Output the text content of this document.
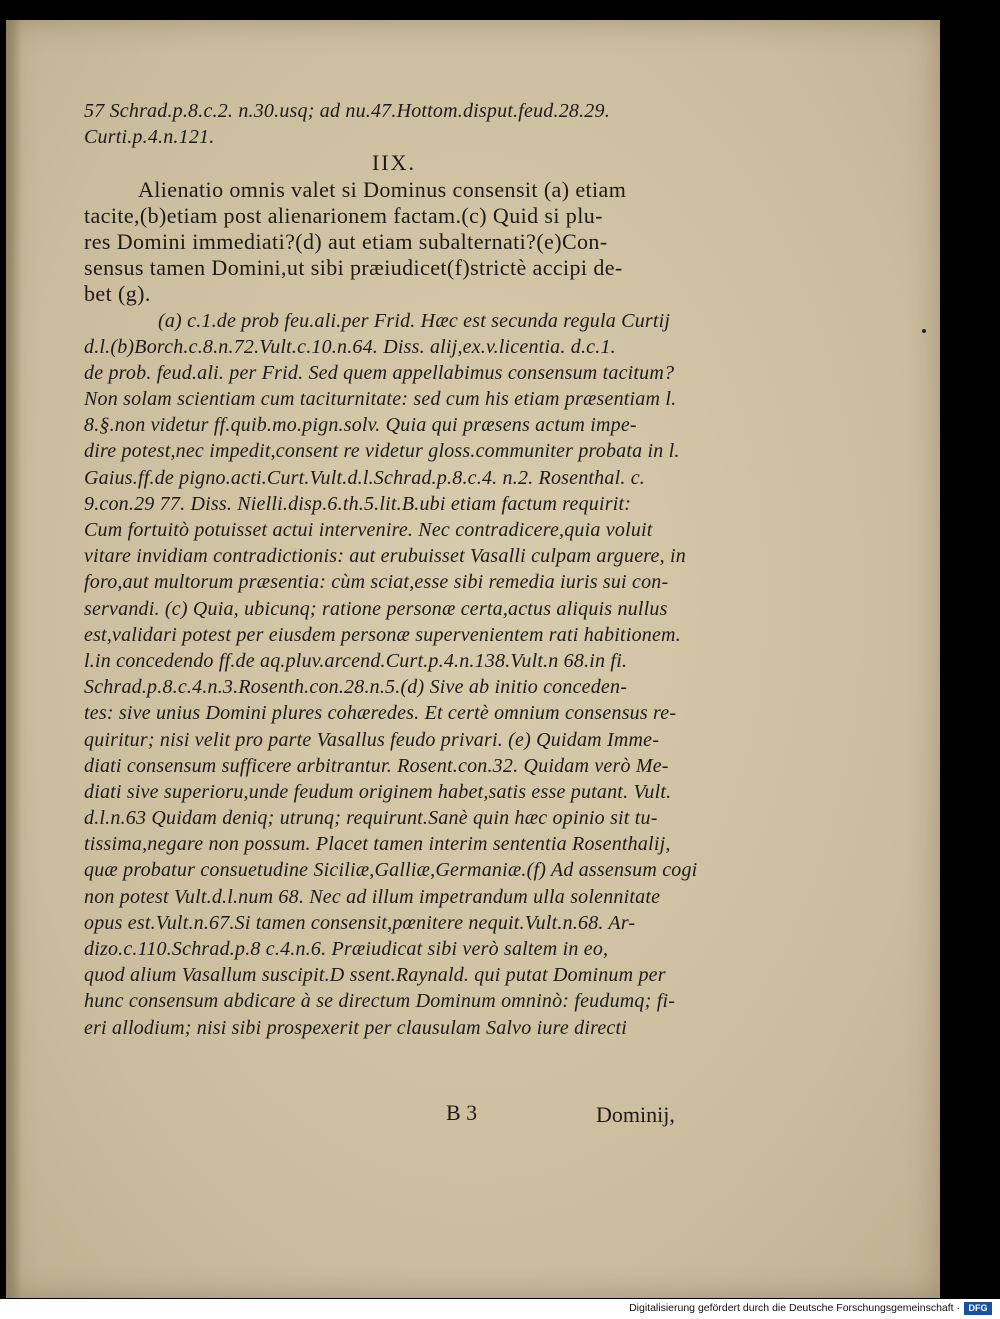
57 Schrad.p.8.c.2. n.30.usq; ad nu.47.Hottom.disput.feud.28.29.
Curti.p.4.n.121.
IIX.
Alienatio omnis valet si Dominus consensit (a) etiam
tacite,(b)etiam post alienarionem factam.(c) Quid si plu-
res Domini immediati?(d) aut etiam subalternati?(e)Con-
sensus tamen Domini,ut sibi præiudicet(f)strictè accipi de-
bet (g).
(a) c.1.de prob feu.ali.per Frid. Hæc est secunda regula Curtij
d.l.(b)Borch.c.8.n.72.Vult.c.10.n.64. Diss. alij,ex.v.licentia. d.c.1.
de prob. feud.ali. per Frid. Sed quem appellabimus consensum tacitum?
Non solam scientiam cum taciturnitate: sed cum his etiam præsentiam l.
8.§.non videtur ff.quib.mo.pign.solv. Quia qui præsens actum impe-
dire potest,nec impedit,consent re videtur gloss.communiter probata in l.
Gaius.ff.de pigno.acti.Curt.Vult.d.l.Schrad.p.8.c.4. n.2. Rosenthal. c.
9.con.29 77. Diss. Nielli.disp.6.th.5.lit.B.ubi etiam factum requirit:
Cum fortuitò potuisset actui intervenire. Nec contradicere,quia voluit
vitare invidiam contradictionis: aut erubuisset Vasalli culpam arguere, in
foro,aut multorum præsentia: cùm sciat,esse sibi remedia iuris sui con-
servandi. (c) Quia, ubicunq; ratione personæ certa,actus aliquis nullus
est,validari potest per eiusdem personæ supervenientem rati habitionem.
l.in concedendo ff.de aq.pluv.arcend.Curt.p.4.n.138.Vult.n 68.in fi.
Schrad.p.8.c.4.n.3.Rosenth.con.28.n.5.(d) Sive ab initio conceden-
tes: sive unius Domini plures cohæredes. Et certè omnium consensus re-
quiritur; nisi velit pro parte Vasallus feudo privari. (e) Quidam Imme-
diati consensum sufficere arbitrantur. Rosent.con.32. Quidam verò Me-
diati sive superioru,unde feudum originem habet,satis esse putant. Vult.
d.l.n.63 Quidam deniq; utrunq; requirunt.Sanè quin hæc opinio sit tu-
tissima,negare non possum. Placet tamen interim sententia Rosenthalij,
quæ probatur consuetudine Siciliæ,Galliæ,Germaniæ.(f) Ad assensum cogi
non potest Vult.d.l.num 68. Nec ad illum impetrandum ulla solennitate
opus est.Vult.n.67.Si tamen consensit,pœnitere nequit.Vult.n.68. Ar-
dizo.c.110.Schrad.p.8 c.4.n.6. Præiudicat sibi verò saltem in eo,
quod alium Vasallum suscipit.D ssent.Raynald. qui putat Dominum per
hunc consensum abdicare à se directum Dominum omninò: feudumq; fi-
eri allodium; nisi sibi prospexerit per clausulam Salvo iure directi
B 3	Dominij,
Digitalisierung gefördert durch die Deutsche Forschungsgemeinschaft · DFG
